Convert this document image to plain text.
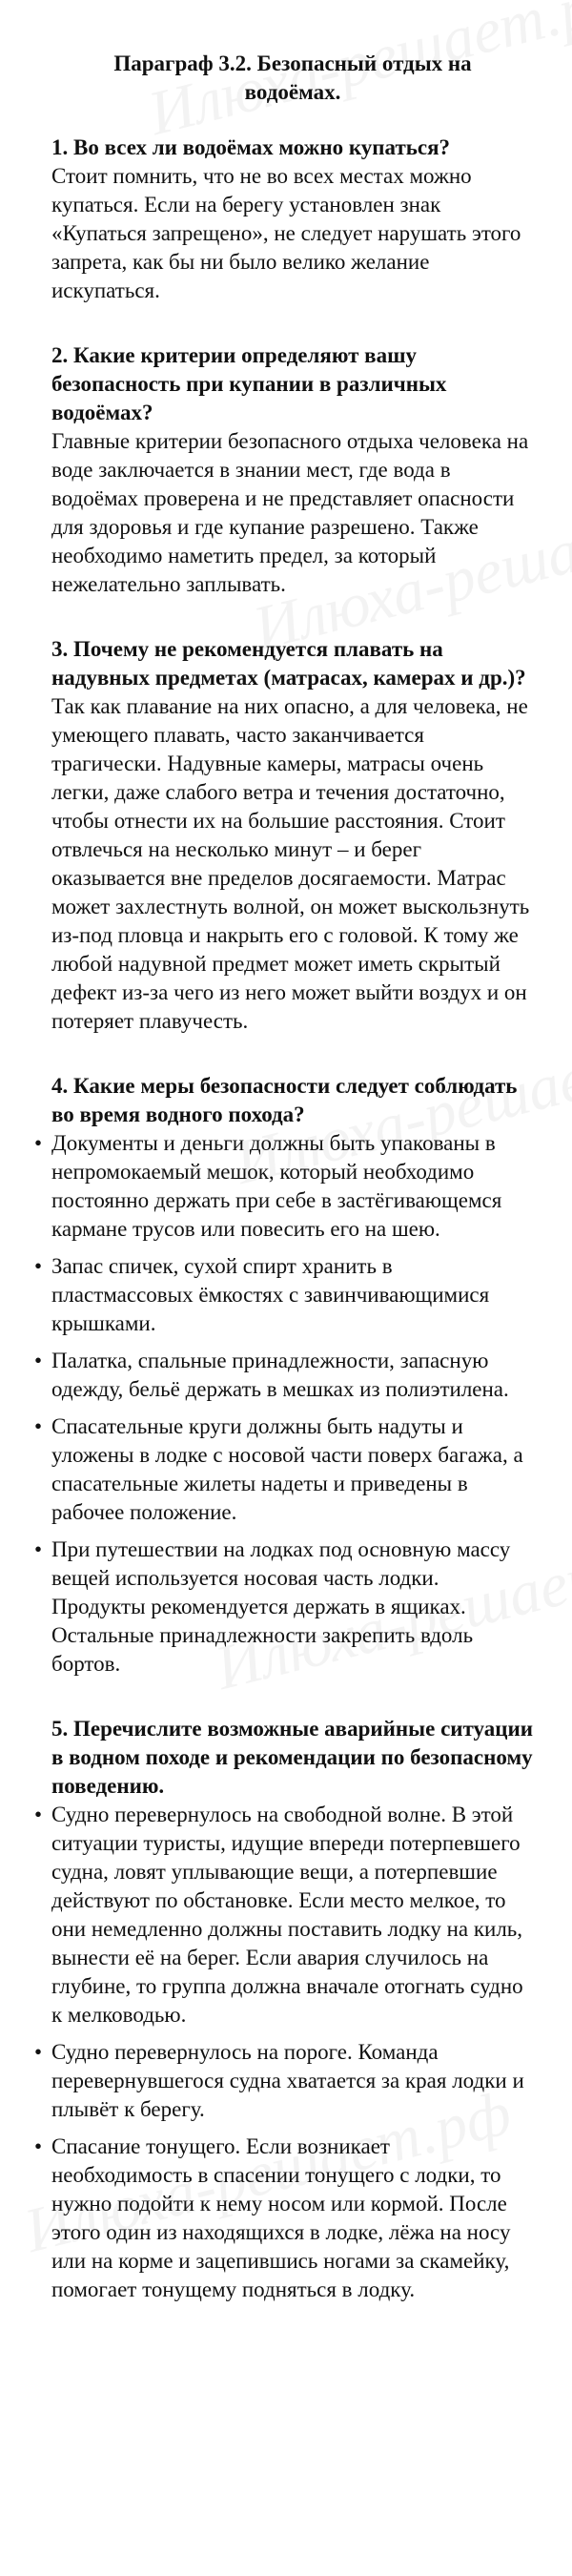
Параграф 3.2. Безопасный отдых на водоёмах.

1. Во всех ли водоёмах можно купаться?

Стоит помнить, что не во всех местах можно купаться. Если на берегу установлен знак «Купаться запрещено», не следует нарушать этого запрета, как бы ни было велико желание искупаться.

2. Какие критерии определяют вашу безопасность при купании в различных водоёмах?

Главные критерии безопасного отдыха человека на воде заключается в знании мест, где вода в водоёмах проверена и не представляет опасности для здоровья и где купание разрешено. Также необходимо наметить предел, за который нежелательно заплывать.

3. Почему не рекомендуется плавать на надувных предметах (матрасах, камерах и др.)?

Так как плавание на них опасно, а для человека, не умеющего плавать, часто заканчивается трагически. Надувные камеры, матрасы очень легки, даже слабого ветра и течения достаточно, чтобы отнести их на большие расстояния. Стоит отвлечься на несколько минут – и берег оказывается вне пределов досягаемости. Матрас может захлестнуть волной, он может выскользнуть из-под пловца и накрыть его с головой. К тому же любой надувной предмет может иметь скрытый дефект из-за чего из него может выйти воздух и он потеряет плавучесть.

4. Какие меры безопасности следует соблюдать во время водного похода?

• Документы и деньги должны быть упакованы в непромокаемый мешок, который необходимо постоянно держать при себе в застёгивающемся кармане трусов или повесить его на шею.
• Запас спичек, сухой спирт хранить в пластмассовых ёмкостях с завинчивающимися крышками.
• Палатка, спальные принадлежности, запасную одежду, бельё держать в мешках из полиэтилена.
• Спасательные круги должны быть надуты и уложены в лодке с носовой части поверх багажа, а спасательные жилеты надеты и приведены в рабочее положение.
• При путешествии на лодках под основную массу вещей используется носовая часть лодки. Продукты рекомендуется держать в ящиках. Остальные принадлежности закрепить вдоль бортов.

5. Перечислите возможные аварийные ситуации в водном походе и рекомендации по безопасному поведению.

• Судно перевернулось на свободной волне. В этой ситуации туристы, идущие впереди потерпевшего судна, ловят уплывающие вещи, а потерпевшие действуют по обстановке. Если место мелкое, то они немедленно должны поставить лодку на киль, вынести её на берег. Если авария случилось на глубине, то группа должна вначале отогнать судно к мелководью.
• Судно перевернулось на пороге. Команда перевернувшегося судна хватается за края лодки и плывёт к берегу.
• Спасание тонущего. Если возникает необходимость в спасении тонущего с лодки, то нужно подойти к нему носом или кормой. После этого один из находящихся в лодке, лёжа на носу или на корме и зацепившись ногами за скамейку, помогает тонущему подняться в лодку.
